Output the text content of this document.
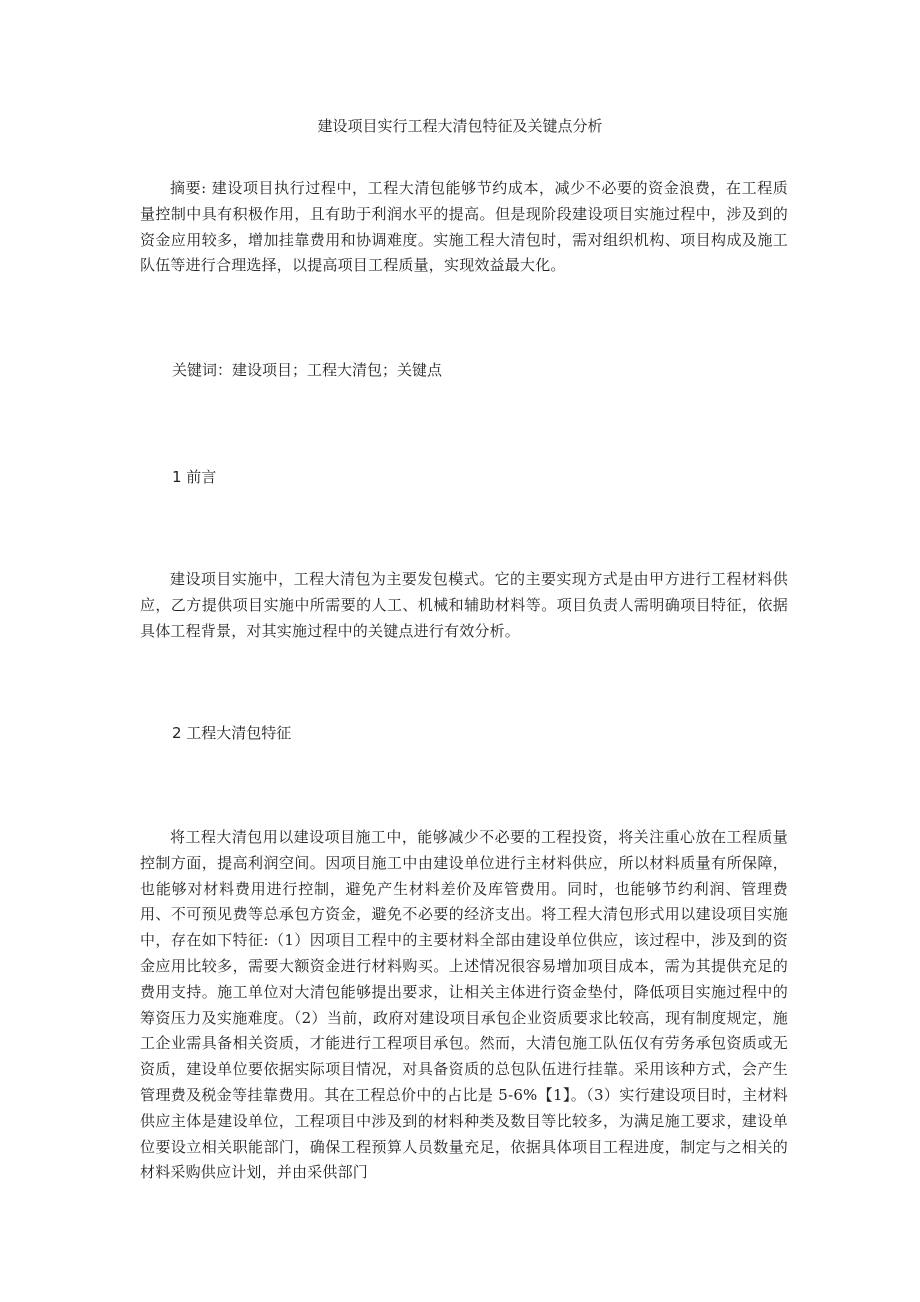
建设项目实行工程大清包特征及关键点分析

摘要: 建设项目执行过程中，工程大清包能够节约成本，减少不必要的资金浪费，在工程质量控制中具有积极作用，且有助于利润水平的提高。但是现阶段建设项目实施过程中，涉及到的资金应用较多，增加挂靠费用和协调难度。实施工程大清包时，需对组织机构、项目构成及施工队伍等进行合理选择，以提高项目工程质量，实现效益最大化。

关键词：建设项目；工程大清包；关键点

1 前言

建设项目实施中，工程大清包为主要发包模式。它的主要实现方式是由甲方进行工程材料供应，乙方提供项目实施中所需要的人工、机械和辅助材料等。项目负责人需明确项目特征，依据具体工程背景，对其实施过程中的关键点进行有效分析。

2 工程大清包特征

将工程大清包用以建设项目施工中，能够减少不必要的工程投资，将关注重心放在工程质量控制方面，提高利润空间。因项目施工中由建设单位进行主材料供应，所以材料质量有所保障，也能够对材料费用进行控制，避免产生材料差价及库管费用。同时，也能够节约利润、管理费用、不可预见费等总承包方资金，避免不必要的经济支出。将工程大清包形式用以建设项目实施中，存在如下特征:（1）因项目工程中的主要材料全部由建设单位供应，该过程中，涉及到的资金应用比较多，需要大额资金进行材料购买。上述情况很容易增加项目成本，需为其提供充足的费用支持。施工单位对大清包能够提出要求，让相关主体进行资金垫付，降低项目实施过程中的筹资压力及实施难度。（2）当前，政府对建设项目承包企业资质要求比较高，现有制度规定，施工企业需具备相关资质，才能进行工程项目承包。然而，大清包施工队伍仅有劳务承包资质或无资质，建设单位要依据实际项目情况，对具备资质的总包队伍进行挂靠。采用该种方式，会产生管理费及税金等挂靠费用。其在工程总价中的占比是 5-6%【1】。（3）实行建设项目时，主材料供应主体是建设单位，工程项目中涉及到的材料种类及数目等比较多，为满足施工要求，建设单位要设立相关职能部门，确保工程预算人员数量充足，依据具体项目工程进度，制定与之相关的材料采购供应计划，并由采供部门
